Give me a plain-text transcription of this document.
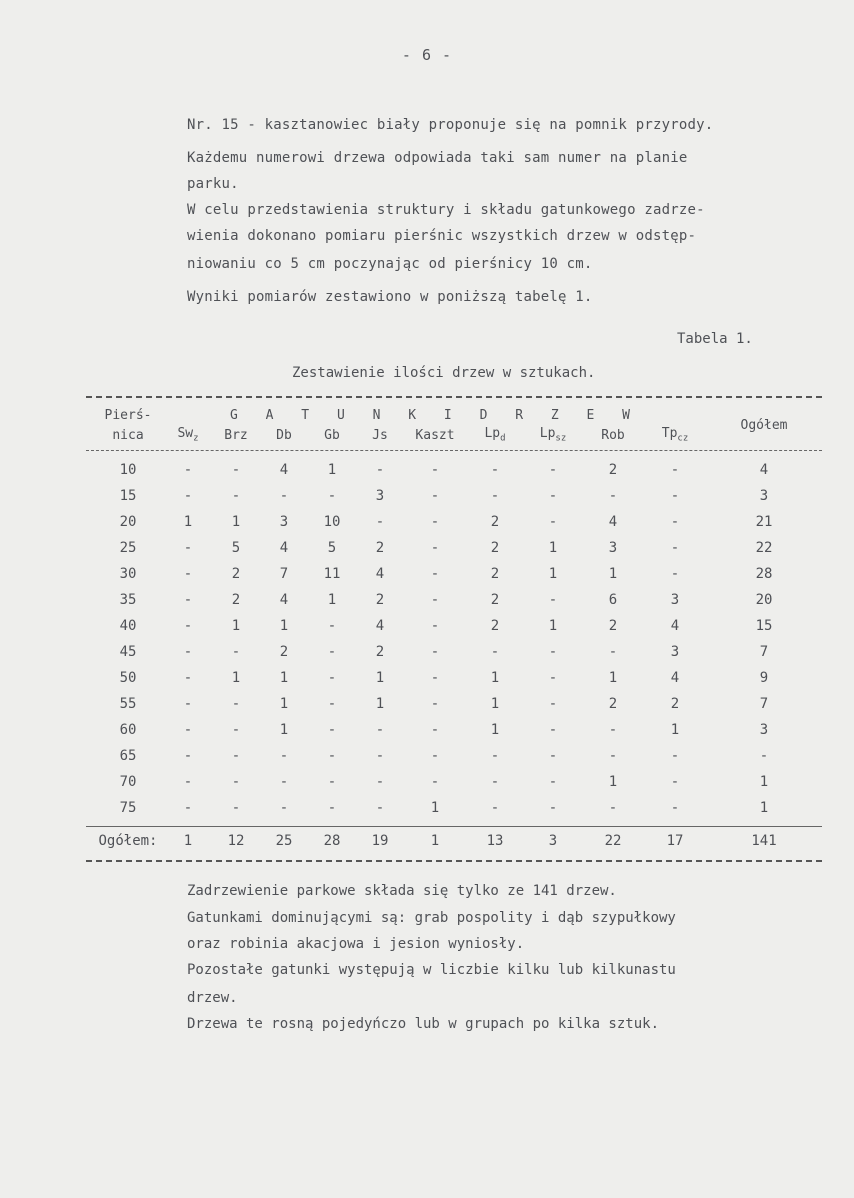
- 6 -
Nr. 15 - kasztanowiec biały proponuje się na pomnik przyrody.
Każdemu numerowi drzewa odpowiada taki sam numer na planie
parku.
W celu przedstawienia struktury i składu gatunkowego zadrze-
wienia dokonano pomiaru pierśnic wszystkich drzew w odstęp-
niowaniu co 5 cm poczynając od pierśnicy 10 cm.
Wyniki pomiarów zestawiono w poniższą tabelę 1.
Tabela 1.
Zestawienie ilości drzew w sztukach.
Pierś-	G A T U N K I D R Z E W										Ogółem
nica	$Sw_z$	Brz	Db	Gb	Js	Kaszt	$Lp_d$	$Lp_{sz}$	Rob	$Tp_{cz}$

10	-	-	4	1	-	-	-	-	2	-	4
15	-	-	-	-	3	-	-	-	-	-	3
20	1	1	3	10	-	-	2	-	4	-	21
25	-	5	4	5	2	-	2	1	3	-	22
30	-	2	7	11	4	-	2	1	1	-	28
35	-	2	4	1	2	-	2	-	6	3	20
40	-	1	1	-	4	-	2	1	2	4	15
45	-	-	2	-	2	-	-	-	-	3	7
50	-	1	1	-	1	-	1	-	1	4	9
55	-	-	1	-	1	-	1	-	2	2	7
60	-	-	1	-	-	-	1	-	-	1	3
65	-	-	-	-	-	-	-	-	-	-	-
70	-	-	-	-	-	-	-	-	1	-	1
75	-	-	-	-	-	1	-	-	-	-	1
Ogółem:	1	12	25	28	19	1	13	3	22	17	141
Zadrzewienie parkowe składa się tylko ze 141 drzew.
Gatunkami dominującymi są: grab pospolity i dąb szypułkowy
oraz robinia akacjowa i jesion wyniosły.
Pozostałe gatunki występują w liczbie kilku lub kilkunastu
drzew.
Drzewa te rosną pojedyńczo lub w grupach po kilka sztuk.
